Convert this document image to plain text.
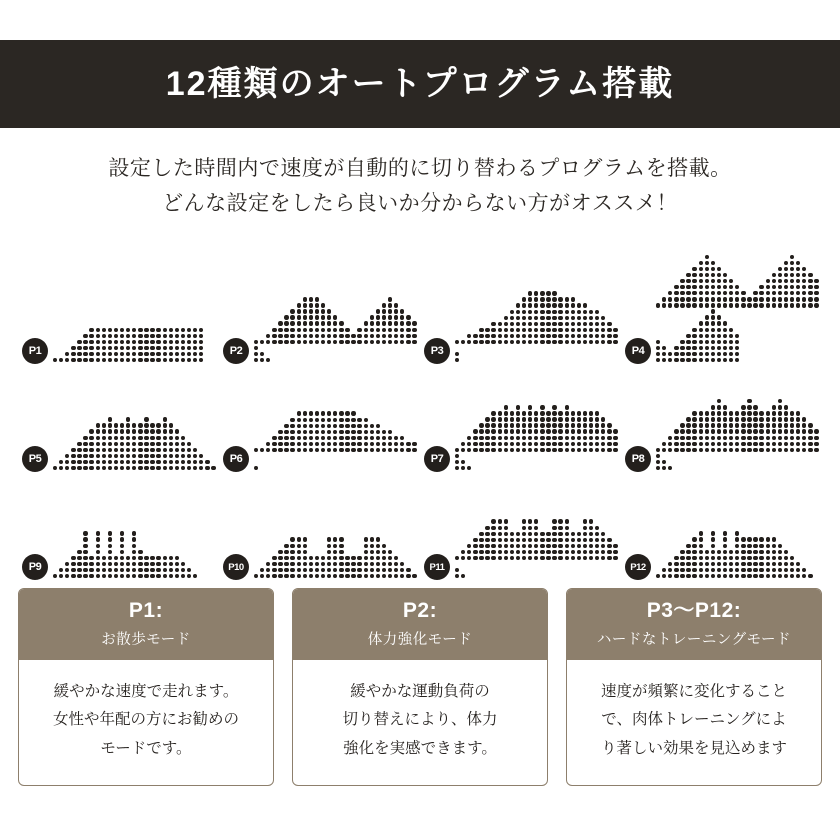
12種類のオートプログラム搭載
設定した時間内で速度が自動的に切り替わるプログラムを搭載。
どんな設定をしたら良いか分からない方がオススメ！
P1	P2	P3	P4
P5	P6	P7	P8
P9	P10	P11	P12
P1:
お散歩モード

緩やかな速度で走れます。
女性や年配の方にお勧めの
モードです。

P2:
体力強化モード

緩やかな運動負荷の
切り替えにより、体力
強化を実感できます。

P3〜P12:
ハードなトレーニングモード

速度が頻繁に変化すること
で、肉体トレーニングによ
り著しい効果を見込めます
